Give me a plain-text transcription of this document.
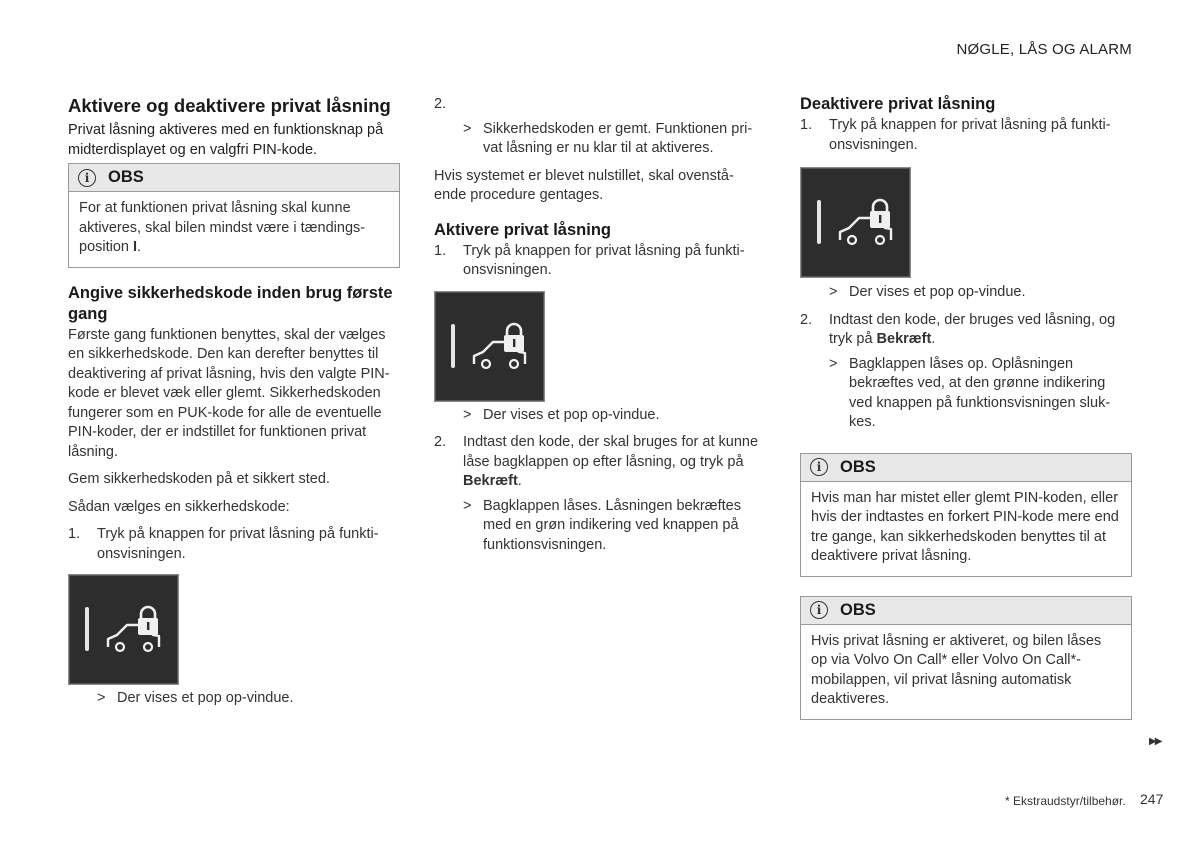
NØGLE, LÅS OG ALARM
Aktivere og deaktivere privat låsning

Privat låsning aktiveres med en funktionsknap på midterdisplayet og en valgfri PIN-kode.

i	OBS
For at funktionen privat låsning skal kunne aktiveres, skal bilen mindst være i tændings-position I.
Angive sikkerhedskode inden brug første gang

Første gang funktionen benyttes, skal der vælges en sikkerhedskode. Den kan derefter benyttes til deaktivering af privat låsning, hvis den valgte PIN-kode er blevet væk eller glemt. Sikkerhedskoden fungerer som en PUK-kode for alle de eventuelle PIN-koder, der er indstillet for funktionen privat låsning.

Gem sikkerhedskoden på et sikkert sted.

Sådan vælges en sikkerhedskode:

1.	Tryk på knappen for privat låsning på funkti-onsvisningen.
> Der vises et pop op-vindue.
2.
> Sikkerhedskoden er gemt. Funktionen pri-vat låsning er nu klar til at aktiveres.

Hvis systemet er blevet nulstillet, skal ovenstå-ende procedure gentages.

Aktivere privat låsning
1.	Tryk på knappen for privat låsning på funkti-onsvisningen.
> Der vises et pop op-vindue.
2.	Indtast den kode, der skal bruges for at kunne låse bagklappen op efter låsning, og tryk på Bekræft.
> Bagklappen låses. Låsningen bekræftes med en grøn indikering ved knappen på funktionsvisningen.
Deaktivere privat låsning
1.	Tryk på knappen for privat låsning på funkti-onsvisningen.
> Der vises et pop op-vindue.
2.	Indtast den kode, der bruges ved låsning, og tryk på Bekræft.
> Bagklappen låses op. Oplåsningen bekræftes ved, at den grønne indikering ved knappen på funktionsvisningen sluk-kes.
i	OBS
Hvis man har mistet eller glemt PIN-koden, eller hvis der indtastes en forkert PIN-kode mere end tre gange, kan sikkerhedskoden benyttes til at deaktivere privat låsning.
i	OBS
Hvis privat låsning er aktiveret, og bilen låses op via Volvo On Call* eller Volvo On Call*-mobilappen, vil privat låsning automatisk deaktiveres.
▶▶
* Ekstraudstyr/tilbehør. 247
